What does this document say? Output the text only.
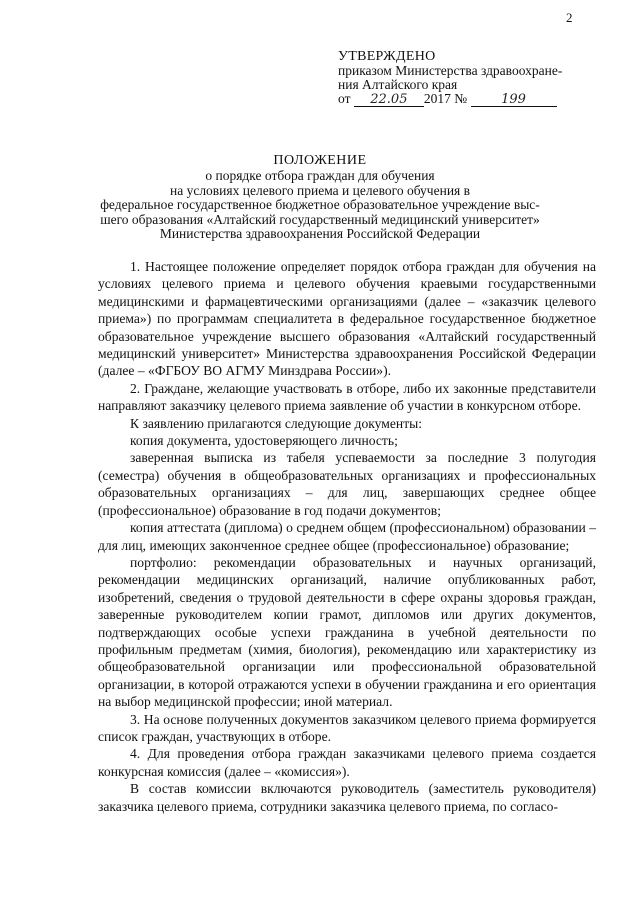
2
УТВЕРЖДЕНО
приказом Министерства здравоохране-
ния Алтайского края
от 22.05 2017 №	199
ПОЛОЖЕНИЕ
о порядке отбора граждан для обучения
на условиях целевого приема и целевого обучения в
федеральное государственное бюджетное образовательное учреждение выс-
шего образования «Алтайский государственный медицинский университет»
Министерства здравоохранения Российской Федерации

1. Настоящее положение определяет порядок отбора граждан для обучения на условиях целевого приема и целевого обучения краевыми государственными медицинскими и фармацевтическими организациями (далее – «заказчик целевого приема») по программам специалитета в федеральное государственное бюджетное образовательное учреждение высшего образования «Алтайский государственный медицинский университет» Министерства здравоохранения Российской Федерации (далее – «ФГБОУ ВО АГМУ Минздрава России»).

2. Граждане, желающие участвовать в отборе, либо их законные представители направляют заказчику целевого приема заявление об участии в конкурсном отборе.

К заявлению прилагаются следующие документы:

копия документа, удостоверяющего личность;

заверенная выписка из табеля успеваемости за последние 3 полугодия (семестра) обучения в общеобразовательных организациях и профессиональных образовательных организациях – для лиц, завершающих среднее общее (профессиональное) образование в год подачи документов;

копия аттестата (диплома) о среднем общем (профессиональном) образовании – для лиц, имеющих законченное среднее общее (профессиональное) образование;

портфолио: рекомендации образовательных и научных организаций, рекомендации медицинских организаций, наличие опубликованных работ, изобретений, сведения о трудовой деятельности в сфере охраны здоровья граждан, заверенные руководителем копии грамот, дипломов или других документов, подтверждающих особые успехи гражданина в учебной деятельности по профильным предметам (химия, биология), рекомендацию или характеристику из общеобразовательной организации или профессиональной образовательной организации, в которой отражаются успехи в обучении гражданина и его ориентация на выбор медицинской профессии; иной материал.

3. На основе полученных документов заказчиком целевого приема формируется список граждан, участвующих в отборе.

4. Для проведения отбора граждан заказчиками целевого приема создается конкурсная комиссия (далее – «комиссия»).

В состав комиссии включаются руководитель (заместитель руководителя) заказчика целевого приема, сотрудники заказчика целевого приема, по согласо-
